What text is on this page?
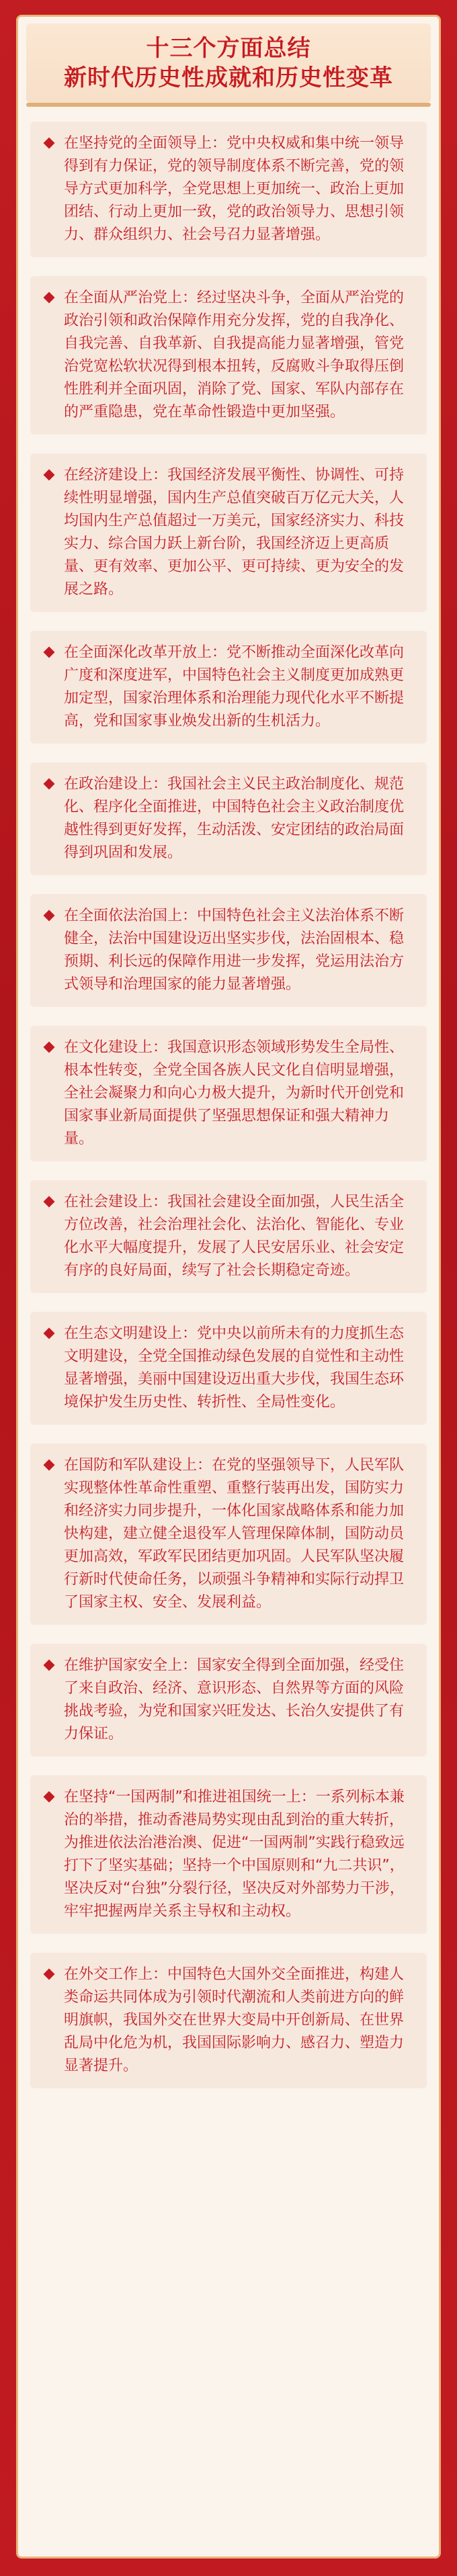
十三个方面总结
新时代历史性成就和历史性变革
在坚持党的全面领导上：党中央权威和集中统一领导得到有力保证，党的领导制度体系不断完善，党的领导方式更加科学，全党思想上更加统一、政治上更加团结、行动上更加一致，党的政治领导力、思想引领力、群众组织力、社会号召力显著增强。
在全面从严治党上：经过坚决斗争，全面从严治党的政治引领和政治保障作用充分发挥，党的自我净化、自我完善、自我革新、自我提高能力显著增强，管党治党宽松软状况得到根本扭转，反腐败斗争取得压倒性胜利并全面巩固，消除了党、国家、军队内部存在的严重隐患，党在革命性锻造中更加坚强。
在经济建设上：我国经济发展平衡性、协调性、可持续性明显增强，国内生产总值突破百万亿元大关，人均国内生产总值超过一万美元，国家经济实力、科技实力、综合国力跃上新台阶，我国经济迈上更高质量、更有效率、更加公平、更可持续、更为安全的发展之路。
在全面深化改革开放上：党不断推动全面深化改革向广度和深度进军，中国特色社会主义制度更加成熟更加定型，国家治理体系和治理能力现代化水平不断提高，党和国家事业焕发出新的生机活力。
在政治建设上：我国社会主义民主政治制度化、规范化、程序化全面推进，中国特色社会主义政治制度优越性得到更好发挥，生动活泼、安定团结的政治局面得到巩固和发展。
在全面依法治国上：中国特色社会主义法治体系不断健全，法治中国建设迈出坚实步伐，法治固根本、稳预期、利长远的保障作用进一步发挥，党运用法治方式领导和治理国家的能力显著增强。
在文化建设上：我国意识形态领域形势发生全局性、根本性转变，全党全国各族人民文化自信明显增强，全社会凝聚力和向心力极大提升，为新时代开创党和国家事业新局面提供了坚强思想保证和强大精神力量。
在社会建设上：我国社会建设全面加强，人民生活全方位改善，社会治理社会化、法治化、智能化、专业化水平大幅度提升，发展了人民安居乐业、社会安定有序的良好局面，续写了社会长期稳定奇迹。
在生态文明建设上：党中央以前所未有的力度抓生态文明建设，全党全国推动绿色发展的自觉性和主动性显著增强，美丽中国建设迈出重大步伐，我国生态环境保护发生历史性、转折性、全局性变化。
在国防和军队建设上：在党的坚强领导下，人民军队实现整体性革命性重塑、重整行装再出发，国防实力和经济实力同步提升，一体化国家战略体系和能力加快构建，建立健全退役军人管理保障体制，国防动员更加高效，军政军民团结更加巩固。人民军队坚决履行新时代使命任务，以顽强斗争精神和实际行动捍卫了国家主权、安全、发展利益。
在维护国家安全上：国家安全得到全面加强，经受住了来自政治、经济、意识形态、自然界等方面的风险挑战考验，为党和国家兴旺发达、长治久安提供了有力保证。
在坚持“一国两制”和推进祖国统一上：一系列标本兼治的举措，推动香港局势实现由乱到治的重大转折，为推进依法治港治澳、促进“一国两制”实践行稳致远打下了坚实基础；坚持一个中国原则和“九二共识”，坚决反对“台独”分裂行径，坚决反对外部势力干涉，牢牢把握两岸关系主导权和主动权。
在外交工作上：中国特色大国外交全面推进，构建人类命运共同体成为引领时代潮流和人类前进方向的鲜明旗帜，我国外交在世界大变局中开创新局、在世界乱局中化危为机，我国国际影响力、感召力、塑造力显著提升。
